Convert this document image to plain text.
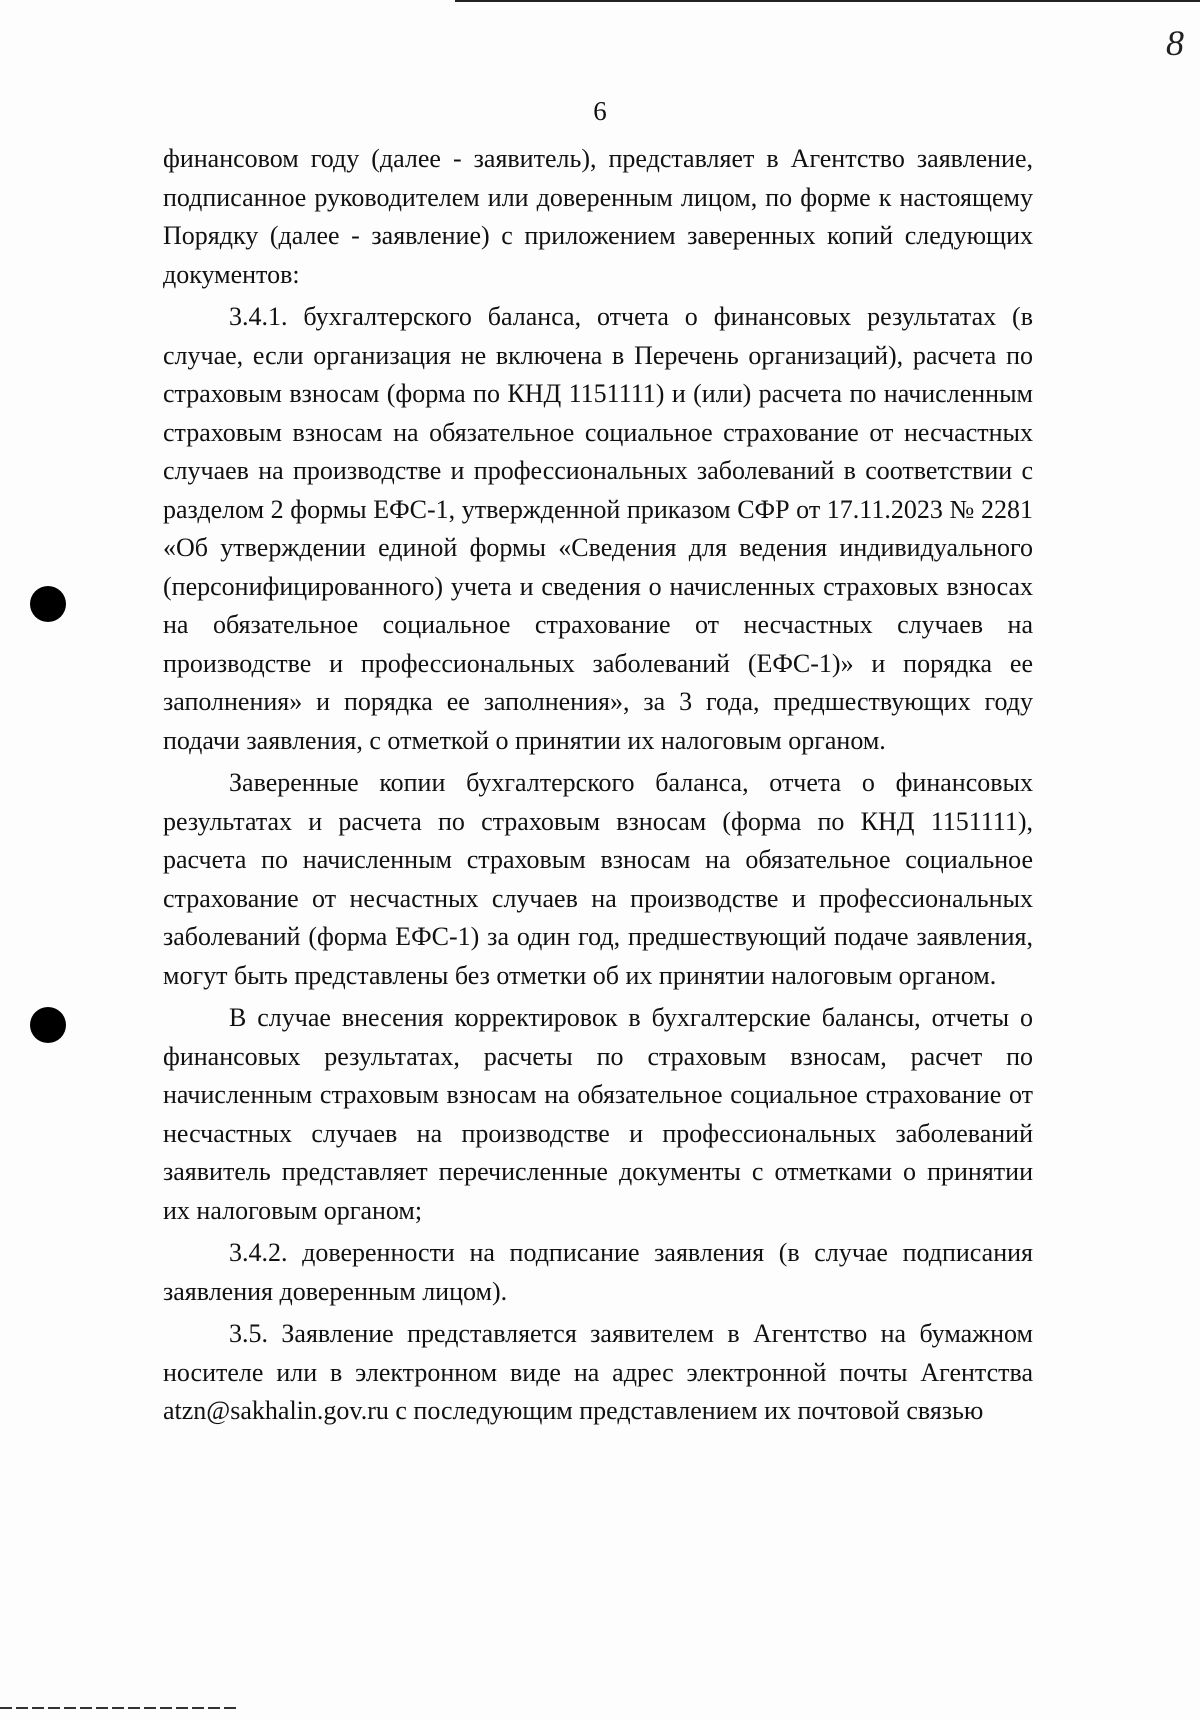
6
8

финансовом году (далее - заявитель), представляет в Агентство заявление, подписанное руководителем или доверенным лицом, по форме к настоящему Порядку (далее - заявление) с приложением заверенных копий следующих документов:

3.4.1. бухгалтерского баланса, отчета о финансовых результатах (в случае, если организация не включена в Перечень организаций), расчета по страховым взносам (форма по КНД 1151111) и (или) расчета по начисленным страховым взносам на обязательное социальное страхование от несчастных случаев на производстве и профессиональных заболеваний в соответствии с разделом 2 формы ЕФС-1, утвержденной приказом СФР от 17.11.2023 № 2281 «Об утверждении единой формы «Сведения для ведения индивидуального (персонифицированного) учета и сведения о начисленных страховых взносах на обязательное социальное страхование от несчастных случаев на производстве и профессиональных заболеваний (ЕФС-1)» и порядка ее заполнения» и порядка ее заполнения», за 3 года, предшествующих году подачи заявления, с отметкой о принятии их налоговым органом.

Заверенные копии бухгалтерского баланса, отчета о финансовых результатах и расчета по страховым взносам (форма по КНД 1151111), расчета по начисленным страховым взносам на обязательное социальное страхование от несчастных случаев на производстве и профессиональных заболеваний (форма ЕФС-1) за один год, предшествующий подаче заявления, могут быть представлены без отметки об их принятии налоговым органом.

В случае внесения корректировок в бухгалтерские балансы, отчеты о финансовых результатах, расчеты по страховым взносам, расчет по начисленным страховым взносам на обязательное социальное страхование от несчастных случаев на производстве и профессиональных заболеваний заявитель представляет перечисленные документы с отметками о принятии их налоговым органом;

3.4.2. доверенности на подписание заявления (в случае подписания заявления доверенным лицом).

3.5. Заявление представляется заявителем в Агентство на бумажном носителе или в электронном виде на адрес электронной почты Агентства atzn@sakhalin.gov.ru с последующим представлением их почтовой связью
